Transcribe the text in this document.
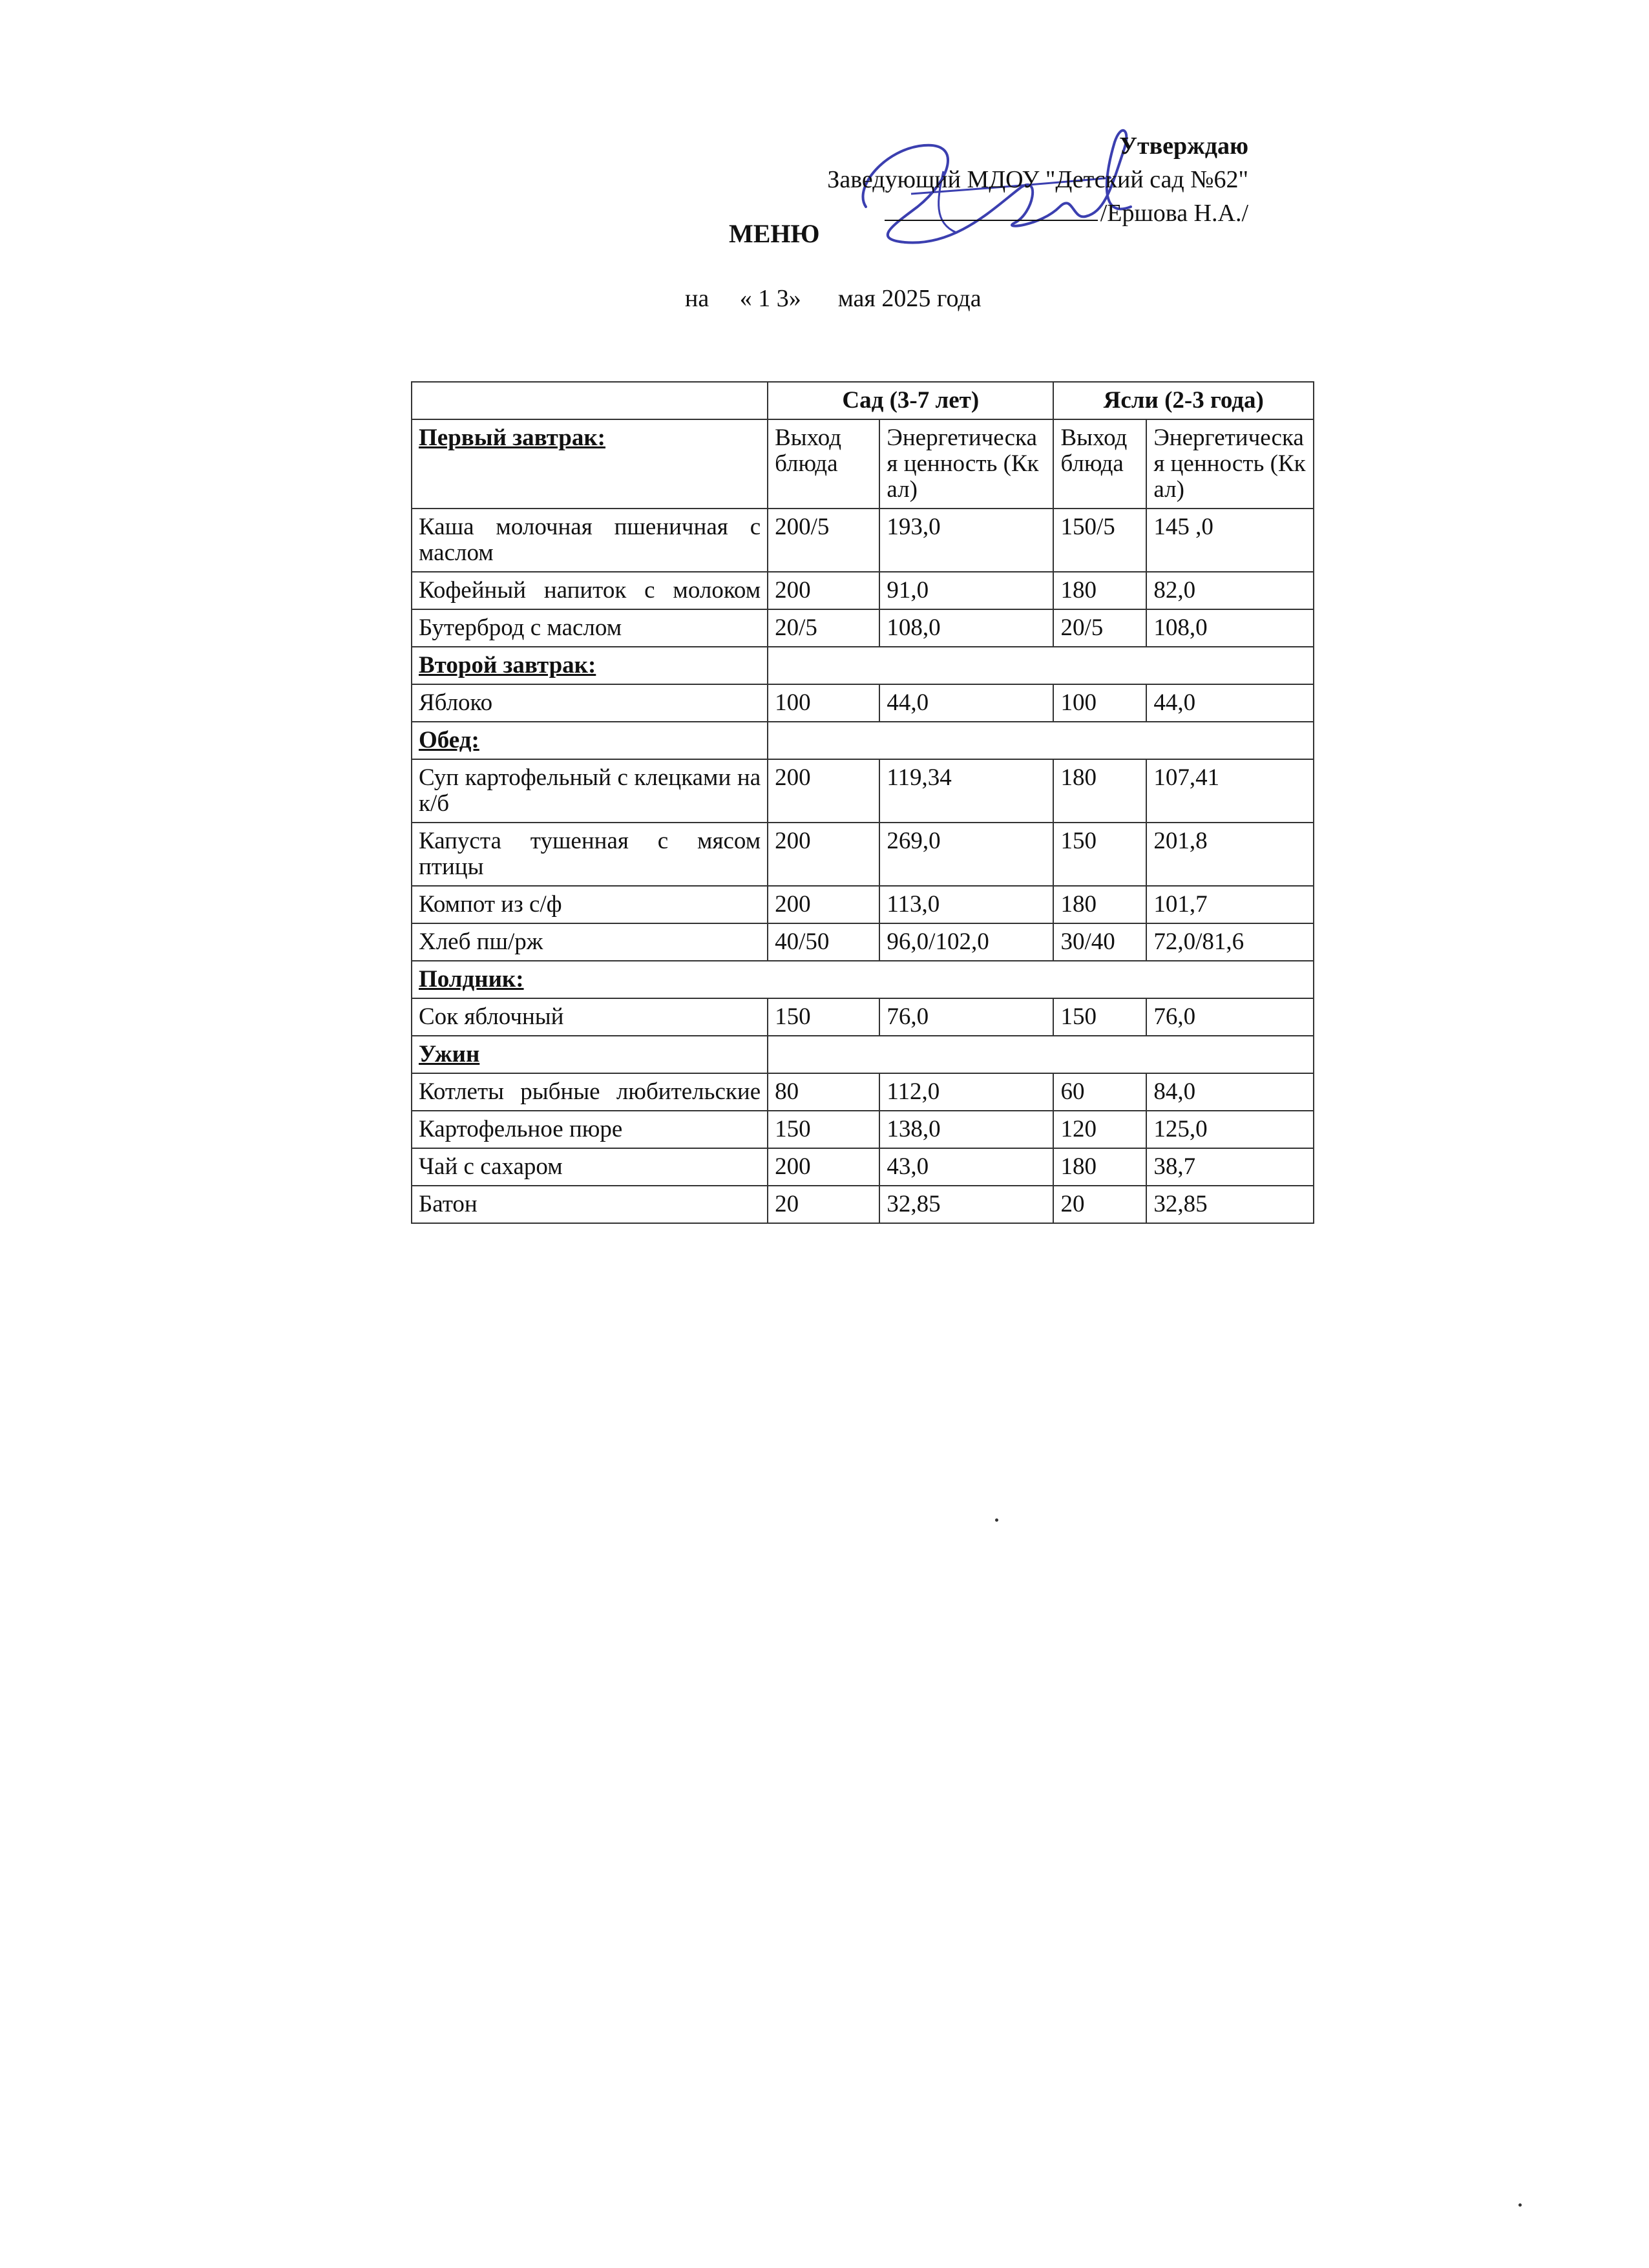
Утверждаю
Заведующий МДОУ "Детский сад №62"
/Ершова Н.А./
МЕНЮ
на « 1 3» мая 2025 года
	Сад (3-7 лет)		Ясли (2-3 года)	
Первый завтрак:	Выход блюда	Энергетическая ценность (Ккал)	Выход блюда	Энергетическая ценность (Ккал)
Каша молочная пшеничная с маслом	200/5	193,0	150/5	145 ,0
Кофейный напиток с молоком	200	91,0	180	82,0
Бутерброд с маслом	20/5	108,0	20/5	108,0
Второй завтрак:				
Яблоко	100	44,0	100	44,0
Обед:				
Суп картофельный с клецками на к/б	200	119,34	180	107,41
Капуста тушенная с мясом птицы	200	269,0	150	201,8
Компот из с/ф	200	113,0	180	101,7
Хлеб пш/рж	40/50	96,0/102,0	30/40	72,0/81,6
Полдник:				
Сок яблочный	150	76,0	150	76,0
Ужин				
Котлеты рыбные любительские	80	112,0	60	84,0
Картофельное пюре	150	138,0	120	125,0
Чай с сахаром	200	43,0	180	38,7
Батон	20	32,85	20	32,85
